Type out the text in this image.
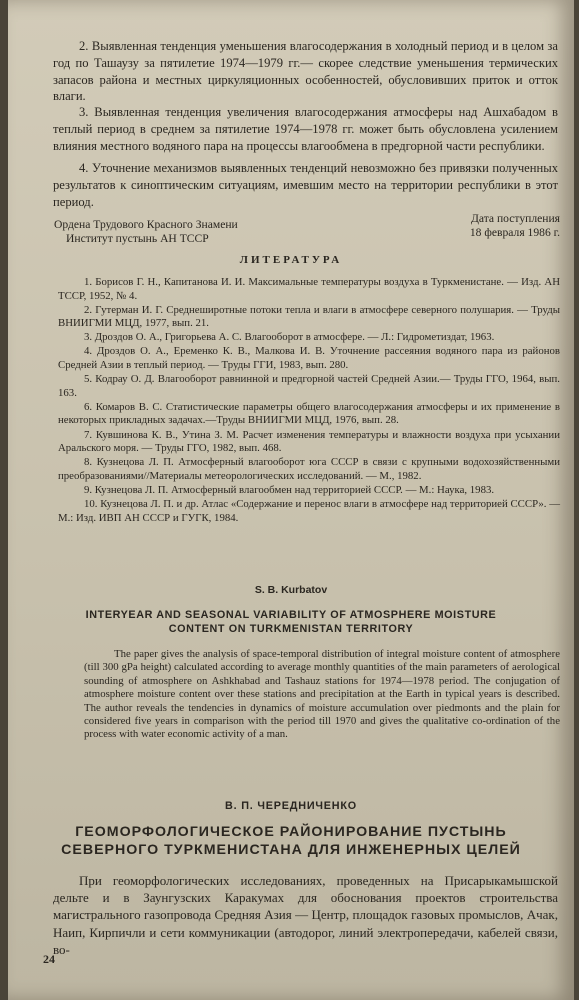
2. Выявленная тенденция уменьшения влагосодержания в холодный период и в целом за год по Ташаузу за пятилетие 1974—1979 гг.— скорее следствие уменьшения термических запасов района и местных циркуляционных особенностей, обусловивших приток и отток влаги.
3. Выявленная тенденция увеличения влагосодержания атмосферы над Ашхабадом в теплый период в среднем за пятилетие 1974—1978 гг. может быть обусловлена усилением влияния местного водяного пара на процессы влагообмена в предгорной части республики.
4. Уточнение механизмов выявленных тенденций невозможно без привязки полученных результатов к синоптическим ситуациям, имевшим место на территории республики в этот период.
Ордена Трудового Красного Знамени
Институт пустынь АН ТССР
Дата поступления
18 февраля 1986 г.
ЛИТЕРАТУРА
1. Борисов Г. Н., Капитанова И. И. Максимальные температуры воздуха в Туркменистане. — Изд. АН ТССР, 1952, № 4.
2. Гутерман И. Г. Среднеширотные потоки тепла и влаги в атмосфере северного полушария. — Труды ВНИИГМИ МЦД, 1977, вып. 21.
3. Дроздов О. А., Григорьева А. С. Влагооборот в атмосфере. — Л.: Гидрометиздат, 1963.
4. Дроздов О. А., Еременко К. В., Малкова И. В. Уточнение рассеяния водяного пара из районов Средней Азии в теплый период. — Труды ГГИ, 1983, вып. 280.
5. Кодрау О. Д. Влагооборот равнинной и предгорной частей Средней Азии.— Труды ГГО, 1964, вып. 163.
6. Комаров В. С. Статистические параметры общего влагосодержания атмосферы и их применение в некоторых прикладных задачах.—Труды ВНИИГМИ МЦД, 1976, вып. 28.
7. Кувшинова К. В., Утина З. М. Расчет изменения температуры и влажности воздуха при усыхании Аральского моря. — Труды ГГО, 1982, вып. 468.
8. Кузнецова Л. П. Атмосферный влагооборот юга СССР в связи с крупными водохозяйственными преобразованиями//Материалы метеорологических исследований. — М., 1982.
9. Кузнецова Л. П. Атмосферный влагообмен над территорией СССР. — М.: Наука, 1983.
10. Кузнецова Л. П. и др. Атлас «Содержание и перенос влаги в атмосфере над территорией СССР». — М.: Изд. ИВП АН СССР и ГУГК, 1984.
S. B. Kurbatov
INTERYEAR AND SEASONAL VARIABILITY OF ATMOSPHERE MOISTURE
CONTENT ON TURKMENISTAN TERRITORY
The paper gives the analysis of space-temporal distribution of integral moisture content of atmosphere (till 300 gPa height) calculated according to average monthly quantities of the main parameters of aerological sounding of atmosphere on Ashkhabad and Tashauz stations for 1974—1978 period. The conjugation of atmosphere moisture content over these stations and precipitation at the Earth in typical years is described. The author reveals the tendencies in dynamics of moisture accumulation over piedmonts and the plain for considered five years in comparison with the period till 1970 and gives the qualitative co-ordination of the process with water economic activity of a man.
В. П. ЧЕРЕДНИЧЕНКО
ГЕОМОРФОЛОГИЧЕСКОЕ РАЙОНИРОВАНИЕ ПУСТЫНЬ
СЕВЕРНОГО ТУРКМЕНИСТАНА ДЛЯ ИНЖЕНЕРНЫХ ЦЕЛЕЙ
При геоморфологических исследованиях, проведенных на Присарыкамышской дельте и в Заунгузских Каракумах для обоснования проектов строительства магистрального газопровода Средняя Азия — Центр, площадок газовых промыслов, Ачак, Наип, Кирпичли и сети коммуникации (автодорог, линий электропередачи, кабелей связи, во-
24
